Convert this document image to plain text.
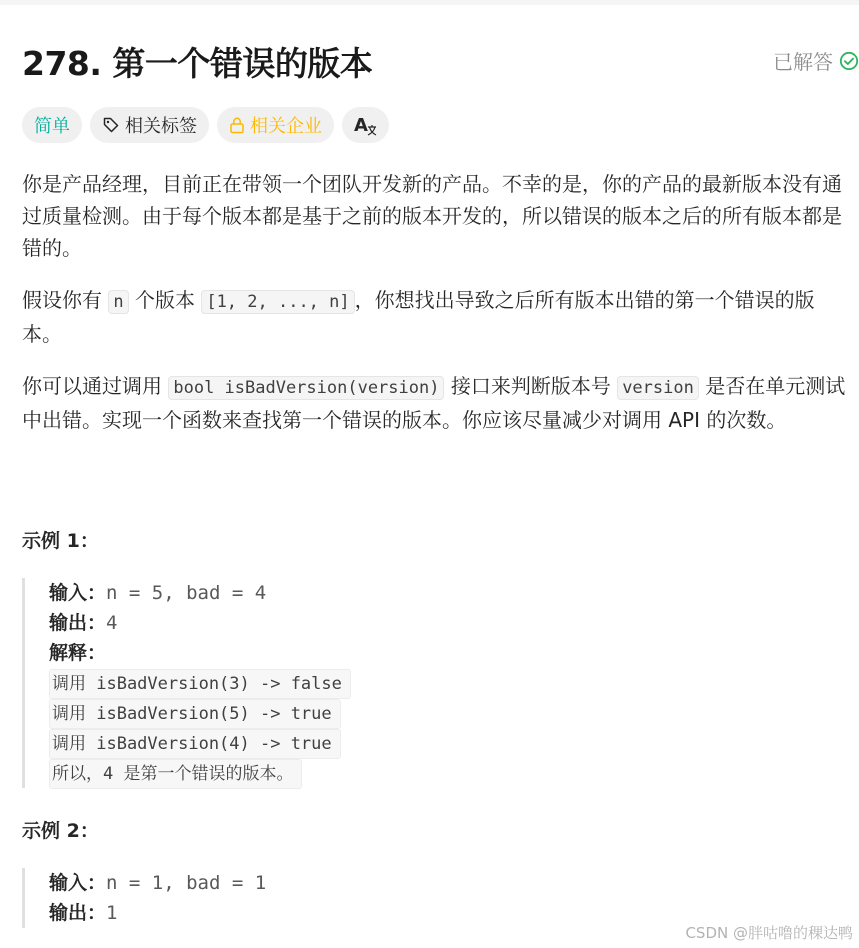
278. 第一个错误的版本	已解答
简单	相关标签	相关企业 A

你是产品经理，目前正在带领一个团队开发新的产品。不幸的是，你的产品的最新版本没有通过质量检测。由于每个版本都是基于之前的版本开发的，所以错误的版本之后的所有版本都是错的。

假设你有 n 个版本 [1, 2, ..., n] ，你想找出导致之后所有版本出错的第一个错误的版本。

你可以通过调用 bool isBadVersion(version) 接口来判断版本号 version 是否在单元测试中出错。实现一个函数来查找第一个错误的版本。你应该尽量减少对调用 API 的次数。

示例 1：
输入：n = 5, bad = 4
输出：4
解释：
调用 isBadVersion(3) -> false
调用 isBadVersion(5) -> true
调用 isBadVersion(4) -> true
所以，4 是第一个错误的版本。
示例 2：
输入：n = 1, bad = 1
输出：1
CSDN @胖咕噜的稞达鸭
